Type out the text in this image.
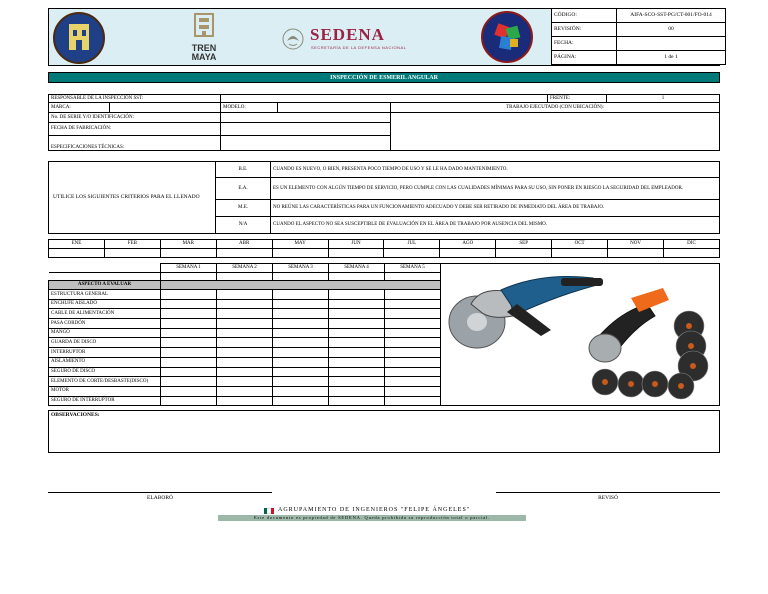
TREN
MAYA
SEDENA
SECRETARÍA DE LA DEFENSA NACIONAL
CÓDIGO:	AIFA-SCO-SST-PG/CT-001/FO-014
REVISIÓN:	00
FECHA:	
PÁGINA:	1 de 1
INSPECCIÓN DE ESMERIL ANGULAR
RESPONSABLE DE LA INSPECCIÓN SST:					FRENTE:	1
MARCA:		MODELO:		TRABAJO EJECUTADO (CON UBICACIÓN):		
No. DE SERIE Y/O IDENTIFICACIÓN:						
FECHA DE FABRICACIÓN:						
ESPECIFICACIONES TÉCNICAS:						
UTILICE LOS SIGUIENTES CRITERIOS PARA EL LLENADO	B.E.	CUANDO ES NUEVO, O BIEN, PRESENTA POCO TIEMPO DE USO Y SE LE HA DADO MANTENIMIENTO.
	E.A.	ES UN ELEMENTO CON ALGÚN TIEMPO DE SERVICIO, PERO CUMPLE CON LAS CUALIDADES MÍNIMAS PARA SU USO, SIN PONER EN RIESGO LA SEGURIDAD DEL EMPLEADOR.
	M.E.	NO REÚNE LAS CARACTERÍSTICAS PARA UN FUNCIONAMIENTO ADECUADO Y DEBE SER RETIRADO DE INMEDIATO DEL ÁREA DE TRABAJO.
	N/A	CUANDO EL ASPECTO NO SEA SUSCEPTIBLE DE EVALUACIÓN EN EL ÁREA DE TRABAJO POR AUSENCIA DEL MISMO.
ENE	FEB	MAR	ABR	MAY	JUN	JUL	AGO	SEP	OCT	NOV	DIC

	SEMANA 1	SEMANA 2	SEMANA 3	SEMANA 4	SEMANA 5

ASPECTO A EVALUAR					
ESTRUCTURA GENERAL					
ENCHUFE AISLADO					
CABLE DE ALIMENTACIÓN					
PASA CORDÓN					
MANGO					
GUARDA DE DISCO					
INTERRUPTOR					
AISLAMIENTO					
SEGURO DE DISCO					
ELEMENTO DE CORTE/DESBASTE(DISCO)					
MOTOR					
SEGURO DE INTERRUPTOR					
OBSERVACIONES:
ELABORÓ	REVISÓ
AGRUPAMIENTO DE INGENIEROS "FELIPE ÁNGELES"
Este documento es propiedad de SEDENA. Queda prohibida su reproducción total o parcial.
